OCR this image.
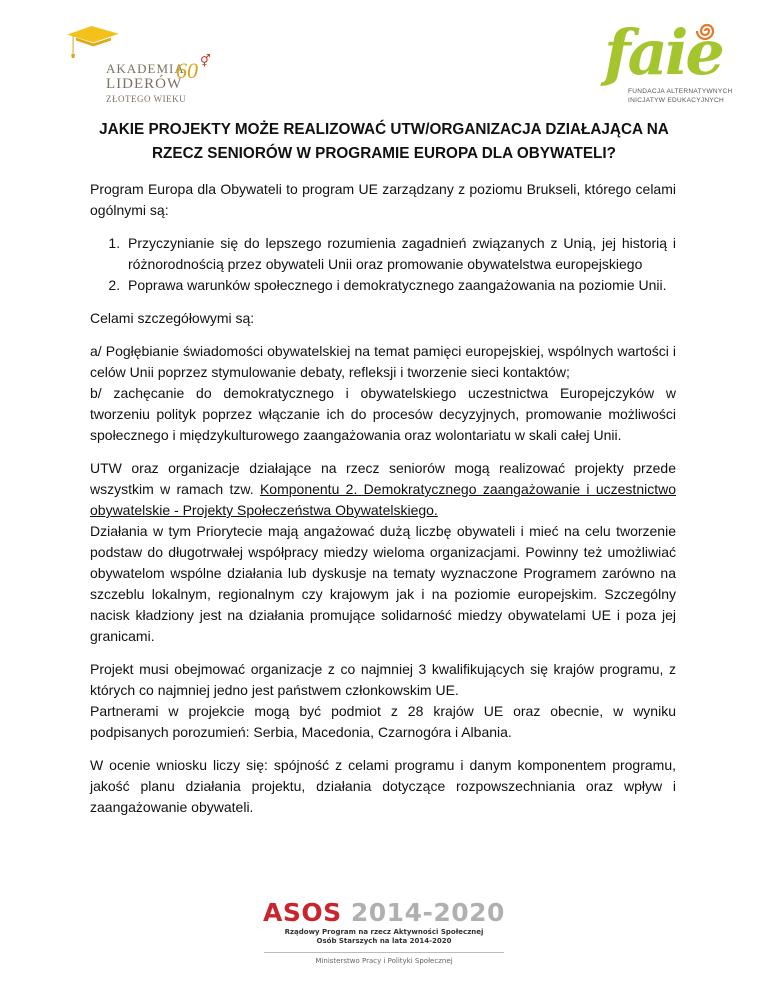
AKADEMIA
LIDERÓW
ZŁOTEGO WIEKU
60 ⚥	faie
FUNDACJA ALTERNATYWNYCH
INICJATYW EDUKACYJNYCH
JAKIE PROJEKTY MOŻE REALIZOWAĆ UTW/ORGANIZACJA DZIAŁAJĄCA NA
RZECZ SENIORÓW W PROGRAMIE EUROPA DLA OBYWATELI?

Program Europa dla Obywateli to program UE zarządzany z poziomu Brukseli, którego celami ogólnymi są:

1. Przyczynianie się do lepszego rozumienia zagadnień związanych z Unią, jej historią i różnorodnością przez obywateli Unii oraz promowanie obywatelstwa europejskiego
2. Poprawa warunków społecznego i demokratycznego zaangażowania na poziomie Unii.

Celami szczegółowymi są:

a/ Pogłębianie świadomości obywatelskiej na temat pamięci europejskiej, wspólnych wartości i celów Unii poprzez stymulowanie debaty, refleksji i tworzenie sieci kontaktów;

b/ zachęcanie do demokratycznego i obywatelskiego uczestnictwa Europejczyków w tworzeniu polityk poprzez włączanie ich do procesów decyzyjnych, promowanie możliwości społecznego i międzykulturowego zaangażowania oraz wolontariatu w skali całej Unii.

UTW oraz organizacje działające na rzecz seniorów mogą realizować projekty przede wszystkim w ramach tzw. Komponentu 2. Demokratycznego zaangażowanie i uczestnictwo obywatelskie - Projekty Społeczeństwa Obywatelskiego.

Działania w tym Priorytecie mają angażować dużą liczbę obywateli i mieć na celu tworzenie podstaw do długotrwałej współpracy miedzy wieloma organizacjami. Powinny też umożliwiać obywatelom wspólne działania lub dyskusje na tematy wyznaczone Programem zarówno na szczeblu lokalnym, regionalnym czy krajowym jak i na poziomie europejskim. Szczególny nacisk kładziony jest na działania promujące solidarność miedzy obywatelami UE i poza jej granicami.

Projekt musi obejmować organizacje z co najmniej 3 kwalifikujących się krajów programu, z których co najmniej jedno jest państwem członkowskim UE.

Partnerami w projekcie mogą być podmiot z 28 krajów UE oraz obecnie, w wyniku podpisanych porozumień: Serbia, Macedonia, Czarnogóra i Albania.

W ocenie wniosku liczy się: spójność z celami programu i danym komponentem programu, jakość planu działania projektu, działania dotyczące rozpowszechniania oraz wpływ i zaangażowanie obywateli.

ASOS 2014-2020
Rządowy Program na rzecz Aktywności Społecznej
Osób Starszych na lata 2014-2020
Ministerstwo Pracy i Polityki Społecznej
